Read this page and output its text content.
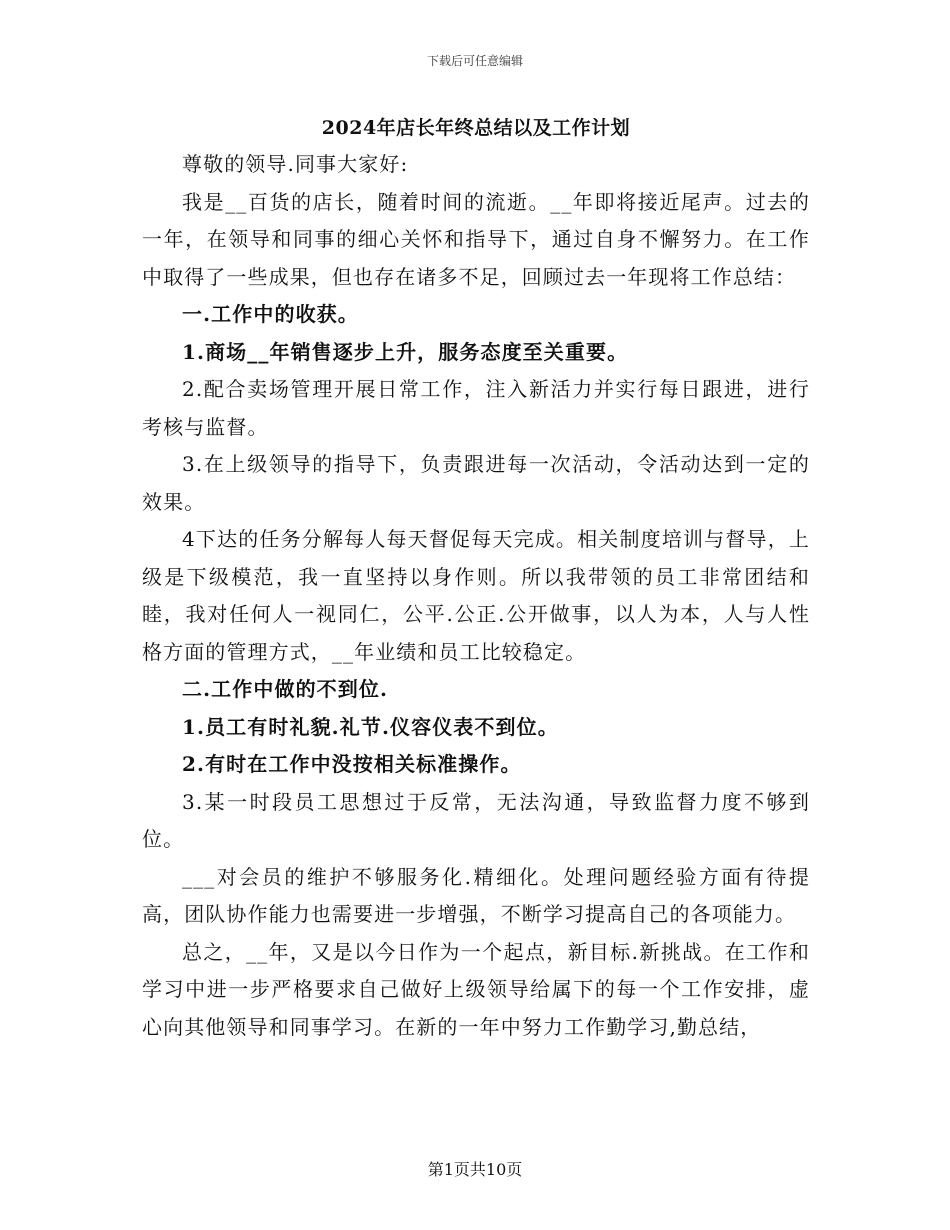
下载后可任意编辑
2024年店长年终总结以及工作计划

尊敬的领导.同事大家好:

我是__百货的店长，随着时间的流逝。__年即将接近尾声。过去的一年，在领导和同事的细心关怀和指导下，通过自身不懈努力。在工作中取得了一些成果，但也存在诸多不足，回顾过去一年现将工作总结：

一.工作中的收获。

1.商场__年销售逐步上升，服务态度至关重要。

2.配合卖场管理开展日常工作，注入新活力并实行每日跟进，进行考核与监督。

3.在上级领导的指导下，负责跟进每一次活动，令活动达到一定的效果。

4下达的任务分解每人每天督促每天完成。相关制度培训与督导，上级是下级模范，我一直坚持以身作则。所以我带领的员工非常团结和睦，我对任何人一视同仁，公平.公正.公开做事，以人为本，人与人性格方面的管理方式，__年业绩和员工比较稳定。

二.工作中做的不到位.

1.员工有时礼貌.礼节.仪容仪表不到位。

2.有时在工作中没按相关标准操作。

3.某一时段员工思想过于反常，无法沟通，导致监督力度不够到位。

___对会员的维护不够服务化.精细化。处理问题经验方面有待提高，团队协作能力也需要进一步增强，不断学习提高自己的各项能力。

总之，__年，又是以今日作为一个起点，新目标.新挑战。在工作和学习中进一步严格要求自己做好上级领导给属下的每一个工作安排，虚心向其他领导和同事学习。在新的一年中努力工作勤学习,勤总结，

第1页共10页
